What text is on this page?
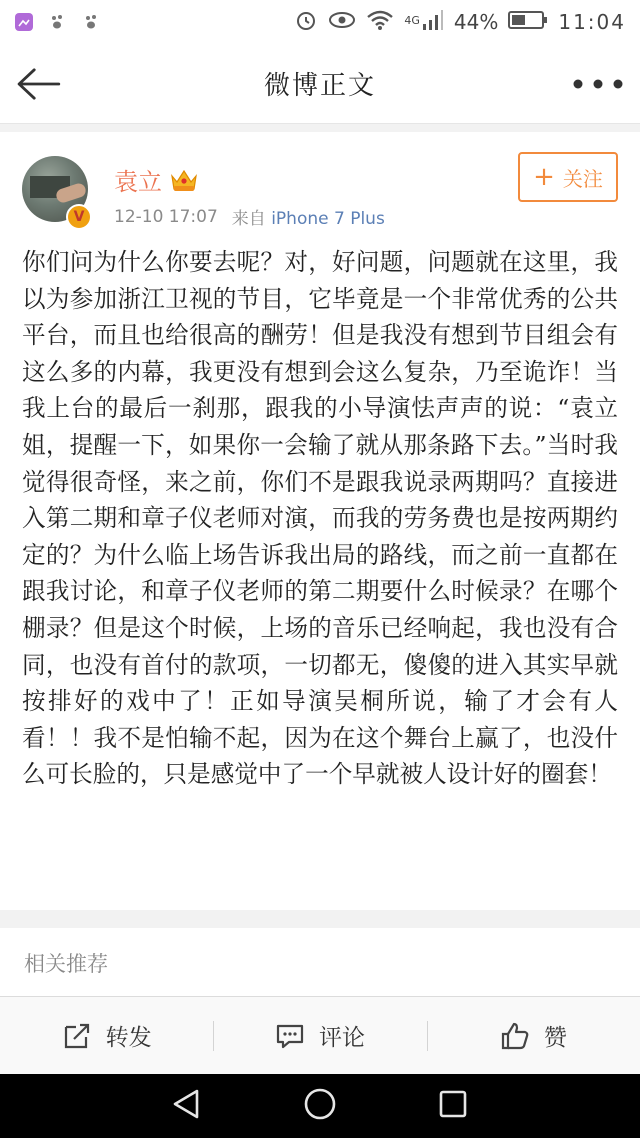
4G 44%	11:04
微博正文
V
袁立
12-10 17:07 来自 iPhone 7 Plus
+ 关注
你们问为什么你要去呢？对，好问题，问题就在这里，我以为参加浙江卫视的节目，它毕竟是一个非常优秀的公共平台，而且也给很高的酬劳！但是我没有想到节目组会有这么多的内幕，我更没有想到会这么复杂，乃至诡诈！当我上台的最后一刹那，跟我的小导演怯声声的说：“袁立姐，提醒一下，如果你一会输了就从那条路下去。”当时我觉得很奇怪，来之前，你们不是跟我说录两期吗？直接进入第二期和章子仪老师对演，而我的劳务费也是按两期约定的？为什么临上场告诉我出局的路线，而之前一直都在跟我讨论，和章子仪老师的第二期要什么时候录？在哪个棚录？但是这个时候，上场的音乐已经响起，我也没有合同，也没有首付的款项，一切都无，傻傻的进入其实早就按排好的戏中了！正如导演吴桐所说，输了才会有人看！！我不是怕输不起，因为在这个舞台上赢了，也没什么可长脸的，只是感觉中了一个早就被人设计好的圈套！
相关推荐
转发	评论	赞
